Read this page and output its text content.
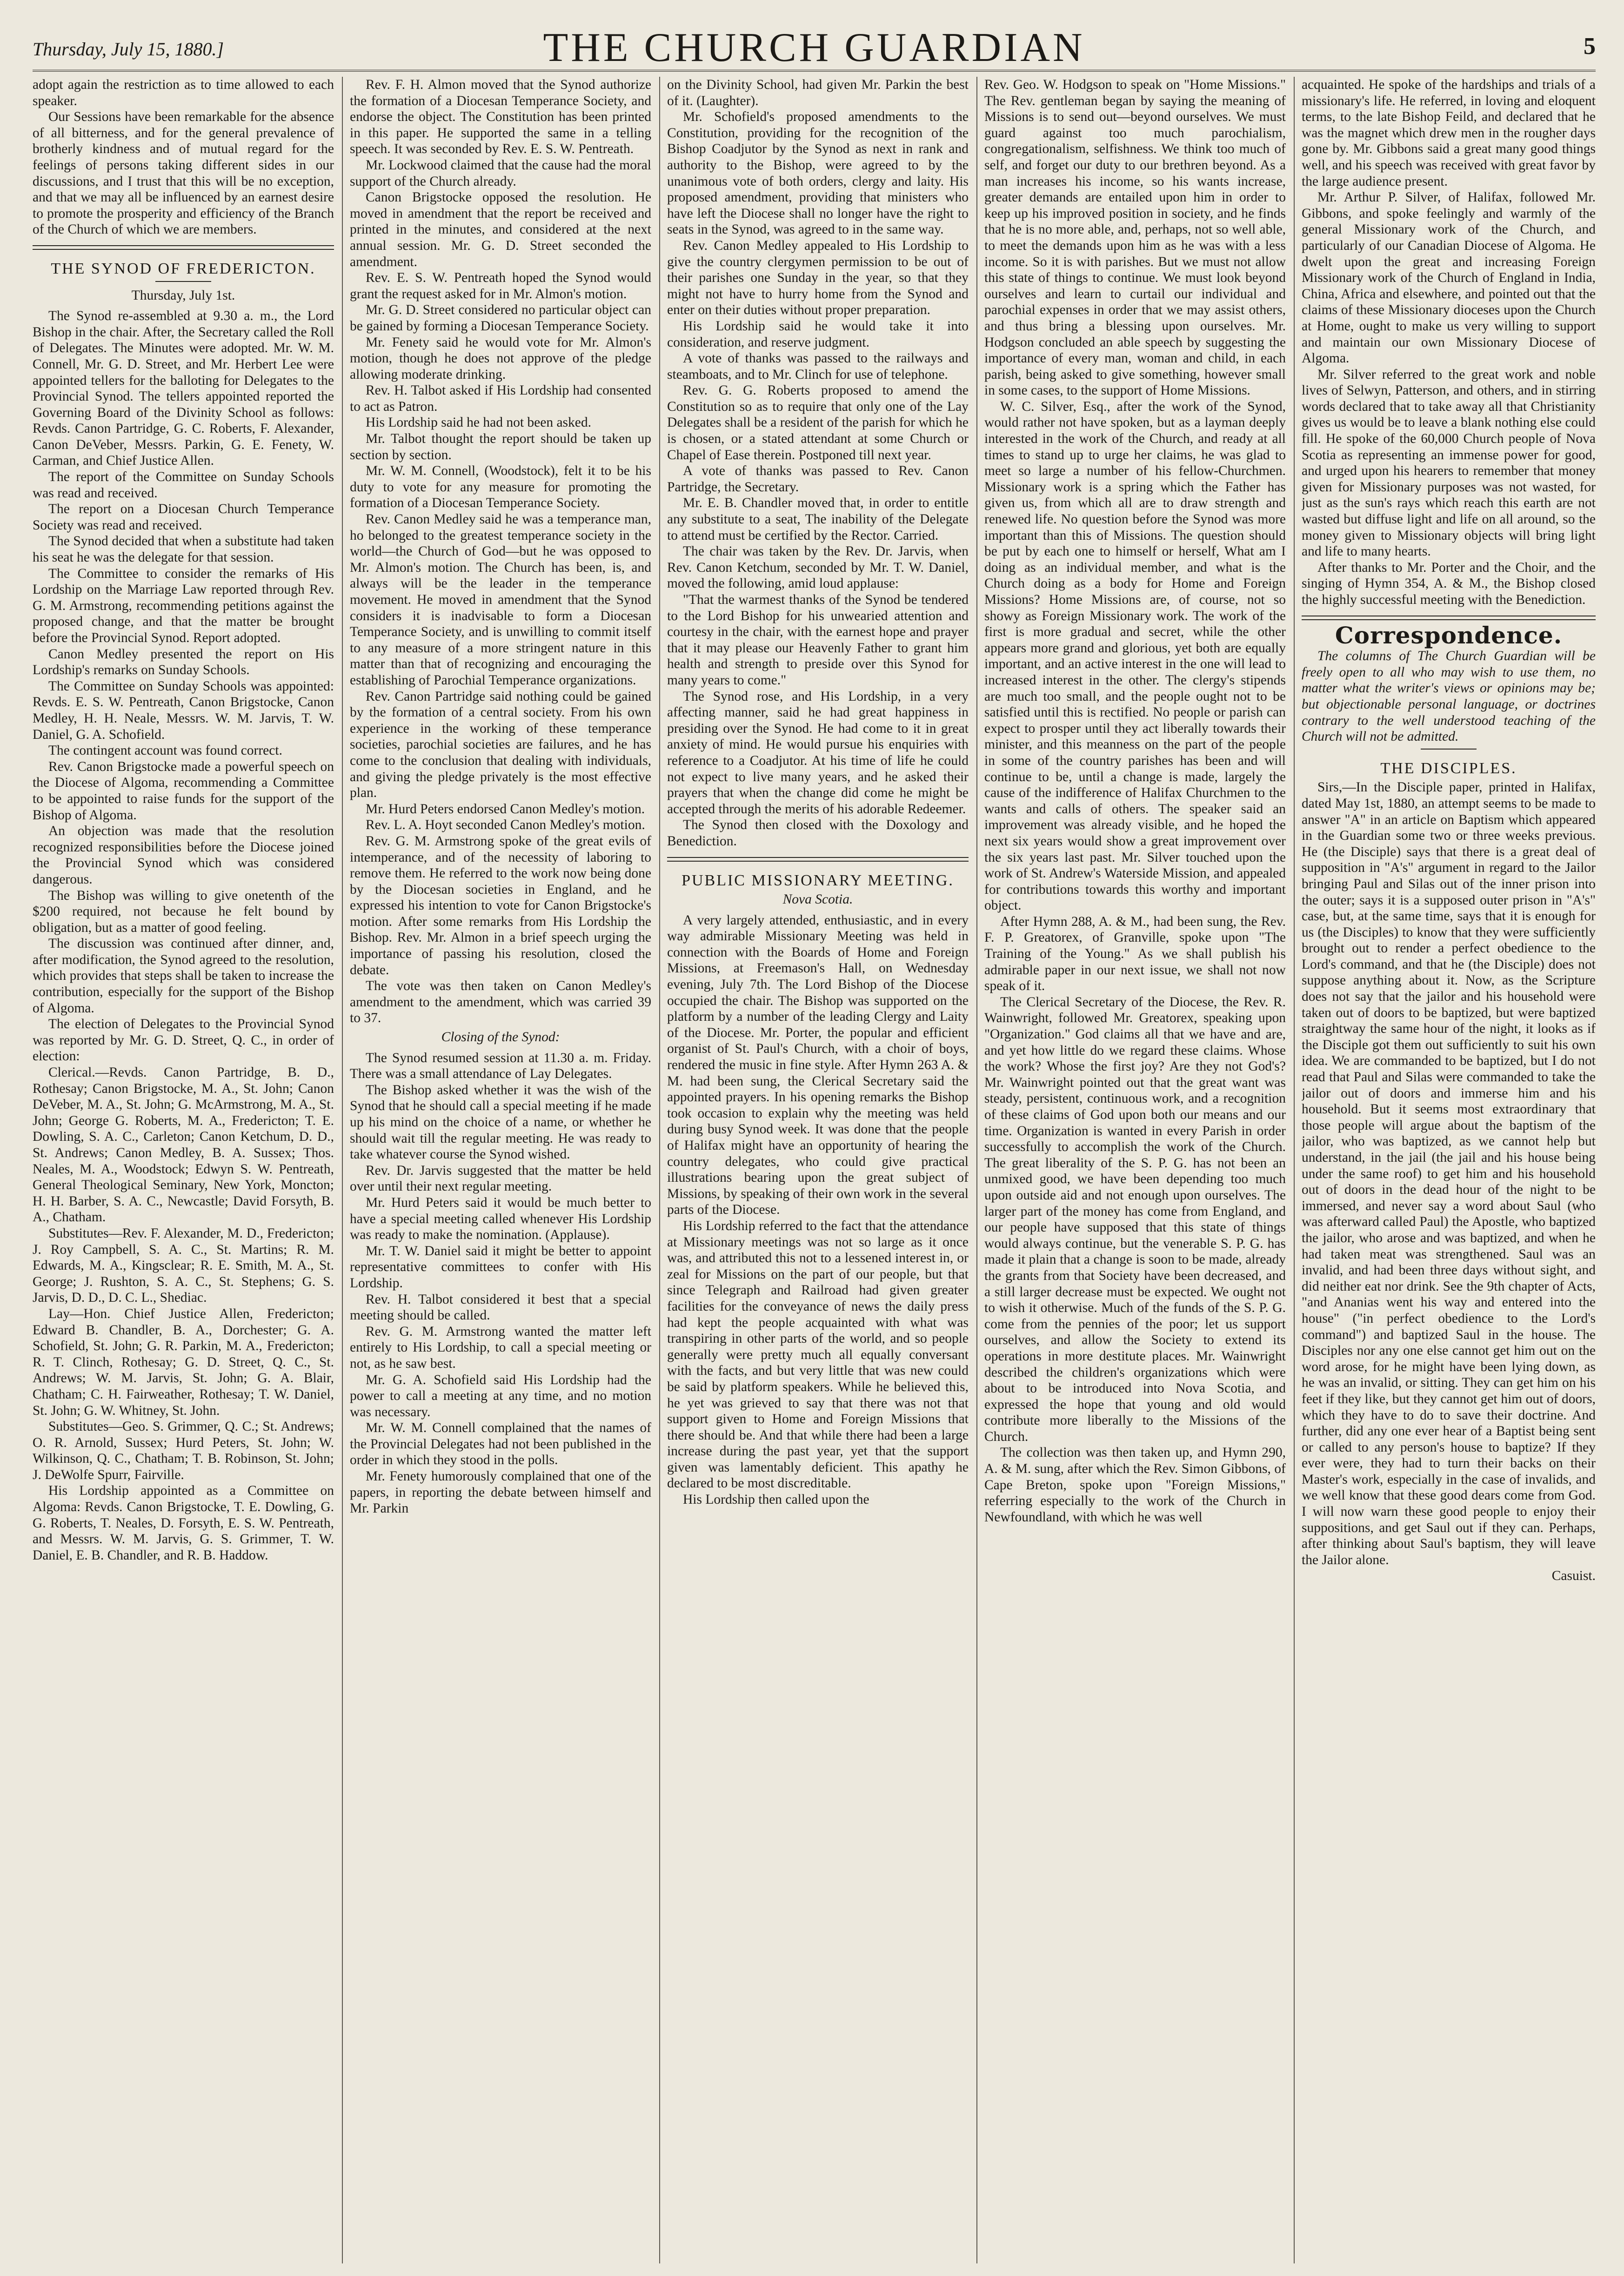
Thursday, July 15, 1880.]	THE CHURCH GUARDIAN	5

adopt again the restriction as to time allowed to each speaker.

Our Sessions have been remarkable for the absence of all bitterness, and for the general prevalence of brotherly kindness and of mutual regard for the feelings of persons taking different sides in our discussions, and I trust that this will be no exception, and that we may all be influenced by an earnest desire to promote the prosperity and efficiency of the Branch of the Church of which we are members.

THE SYNOD OF FREDERICTON.

Thursday, July 1st.

The Synod re-assembled at 9.30 a. m., the Lord Bishop in the chair. After, the Secretary called the Roll of Delegates. The Minutes were adopted. Mr. W. M. Connell, Mr. G. D. Street, and Mr. Herbert Lee were appointed tellers for the balloting for Delegates to the Provincial Synod. The tellers appointed reported the Governing Board of the Divinity School as follows: Revds. Canon Partridge, G. C. Roberts, F. Alexander, Canon DeVeber, Messrs. Parkin, G. E. Fenety, W. Carman, and Chief Justice Allen.

The report of the Committee on Sunday Schools was read and received.

The report on a Diocesan Church Temperance Society was read and received.

The Synod decided that when a substitute had taken his seat he was the delegate for that session.

The Committee to consider the remarks of His Lordship on the Marriage Law reported through Rev. G. M. Armstrong, recommending petitions against the proposed change, and that the matter be brought before the Provincial Synod. Report adopted.

Canon Medley presented the report on His Lordship's remarks on Sunday Schools.

The Committee on Sunday Schools was appointed: Revds. E. S. W. Pentreath, Canon Brigstocke, Canon Medley, H. H. Neale, Messrs. W. M. Jarvis, T. W. Daniel, G. A. Schofield.

The contingent account was found correct.

Rev. Canon Brigstocke made a powerful speech on the Diocese of Algoma, recommending a Committee to be appointed to raise funds for the support of the Bishop of Algoma.

An objection was made that the resolution recognized responsibilities before the Diocese joined the Provincial Synod which was considered dangerous.

The Bishop was willing to give onetenth of the $200 required, not because he felt bound by obligation, but as a matter of good feeling.

The discussion was continued after dinner, and, after modification, the Synod agreed to the resolution, which provides that steps shall be taken to increase the contribution, especially for the support of the Bishop of Algoma.

The election of Delegates to the Provincial Synod was reported by Mr. G. D. Street, Q. C., in order of election:

Clerical.—Revds. Canon Partridge, B. D., Rothesay; Canon Brigstocke, M. A., St. John; Canon DeVeber, M. A., St. John; G. McArmstrong, M. A., St. John; George G. Roberts, M. A., Fredericton; T. E. Dowling, S. A. C., Carleton; Canon Ketchum, D. D., St. Andrews; Canon Medley, B. A. Sussex; Thos. Neales, M. A., Woodstock; Edwyn S. W. Pentreath, General Theological Seminary, New York, Moncton; H. H. Barber, S. A. C., Newcastle; David Forsyth, B. A., Chatham.

Substitutes—Rev. F. Alexander, M. D., Fredericton; J. Roy Campbell, S. A. C., St. Martins; R. M. Edwards, M. A., Kingsclear; R. E. Smith, M. A., St. George; J. Rushton, S. A. C., St. Stephens; G. S. Jarvis, D. D., D. C. L., Shediac.

Lay—Hon. Chief Justice Allen, Fredericton; Edward B. Chandler, B. A., Dorchester; G. A. Schofield, St. John; G. R. Parkin, M. A., Fredericton; R. T. Clinch, Rothesay; G. D. Street, Q. C., St. Andrews; W. M. Jarvis, St. John; G. A. Blair, Chatham; C. H. Fairweather, Rothesay; T. W. Daniel, St. John; G. W. Whitney, St. John.

Substitutes—Geo. S. Grimmer, Q. C.; St. Andrews; O. R. Arnold, Sussex; Hurd Peters, St. John; W. Wilkinson, Q. C., Chatham; T. B. Robinson, St. John; J. DeWolfe Spurr, Fairville.

His Lordship appointed as a Committee on Algoma: Revds. Canon Brigstocke, T. E. Dowling, G. G. Roberts, T. Neales, D. Forsyth, E. S. W. Pentreath, and Messrs. W. M. Jarvis, G. S. Grimmer, T. W. Daniel, E. B. Chandler, and R. B. Haddow.

Rev. F. H. Almon moved that the Synod authorize the formation of a Diocesan Temperance Society, and endorse the object. The Constitution has been printed in this paper. He supported the same in a telling speech. It was seconded by Rev. E. S. W. Pentreath.

Mr. Lockwood claimed that the cause had the moral support of the Church already.

Canon Brigstocke opposed the resolution. He moved in amendment that the report be received and printed in the minutes, and considered at the next annual session. Mr. G. D. Street seconded the amendment.

Rev. E. S. W. Pentreath hoped the Synod would grant the request asked for in Mr. Almon's motion.

Mr. G. D. Street considered no particular object can be gained by forming a Diocesan Temperance Society.

Mr. Fenety said he would vote for Mr. Almon's motion, though he does not approve of the pledge allowing moderate drinking.

Rev. H. Talbot asked if His Lordship had consented to act as Patron.

His Lordship said he had not been asked.

Mr. Talbot thought the report should be taken up section by section.

Mr. W. M. Connell, (Woodstock), felt it to be his duty to vote for any measure for promoting the formation of a Diocesan Temperance Society.

Rev. Canon Medley said he was a temperance man, ho belonged to the greatest temperance society in the world—the Church of God—but he was opposed to Mr. Almon's motion. The Church has been, is, and always will be the leader in the temperance movement. He moved in amendment that the Synod considers it is inadvisable to form a Diocesan Temperance Society, and is unwilling to commit itself to any measure of a more stringent nature in this matter than that of recognizing and encouraging the establishing of Parochial Temperance organizations.

Rev. Canon Partridge said nothing could be gained by the formation of a central society. From his own experience in the working of these temperance societies, parochial societies are failures, and he has come to the conclusion that dealing with individuals, and giving the pledge privately is the most effective plan.

Mr. Hurd Peters endorsed Canon Medley's motion.

Rev. L. A. Hoyt seconded Canon Medley's motion.

Rev. G. M. Armstrong spoke of the great evils of intemperance, and of the necessity of laboring to remove them. He referred to the work now being done by the Diocesan societies in England, and he expressed his intention to vote for Canon Brigstocke's motion. After some remarks from His Lordship the Bishop. Rev. Mr. Almon in a brief speech urging the importance of passing his resolution, closed the debate.

The vote was then taken on Canon Medley's amendment to the amendment, which was carried 39 to 37.

Closing of the Synod:

The Synod resumed session at 11.30 a. m. Friday. There was a small attendance of Lay Delegates.

The Bishop asked whether it was the wish of the Synod that he should call a special meeting if he made up his mind on the choice of a name, or whether he should wait till the regular meeting. He was ready to take whatever course the Synod wished.

Rev. Dr. Jarvis suggested that the matter be held over until their next regular meeting.

Mr. Hurd Peters said it would be much better to have a special meeting called whenever His Lordship was ready to make the nomination. (Applause).

Mr. T. W. Daniel said it might be better to appoint representative committees to confer with His Lordship.

Rev. H. Talbot considered it best that a special meeting should be called.

Rev. G. M. Armstrong wanted the matter left entirely to His Lordship, to call a special meeting or not, as he saw best.

Mr. G. A. Schofield said His Lordship had the power to call a meeting at any time, and no motion was necessary.

Mr. W. M. Connell complained that the names of the Provincial Delegates had not been published in the order in which they stood in the polls.

Mr. Fenety humorously complained that one of the papers, in reporting the debate between himself and Mr. Parkin

on the Divinity School, had given Mr. Parkin the best of it. (Laughter).

Mr. Schofield's proposed amendments to the Constitution, providing for the recognition of the Bishop Coadjutor by the Synod as next in rank and authority to the Bishop, were agreed to by the unanimous vote of both orders, clergy and laity. His proposed amendment, providing that ministers who have left the Diocese shall no longer have the right to seats in the Synod, was agreed to in the same way.

Rev. Canon Medley appealed to His Lordship to give the country clergymen permission to be out of their parishes one Sunday in the year, so that they might not have to hurry home from the Synod and enter on their duties without proper preparation.

His Lordship said he would take it into consideration, and reserve judgment.

A vote of thanks was passed to the railways and steamboats, and to Mr. Clinch for use of telephone.

Rev. G. G. Roberts proposed to amend the Constitution so as to require that only one of the Lay Delegates shall be a resident of the parish for which he is chosen, or a stated attendant at some Church or Chapel of Ease therein. Postponed till next year.

A vote of thanks was passed to Rev. Canon Partridge, the Secretary.

Mr. E. B. Chandler moved that, in order to entitle any substitute to a seat, The inability of the Delegate to attend must be certified by the Rector. Carried.

The chair was taken by the Rev. Dr. Jarvis, when Rev. Canon Ketchum, seconded by Mr. T. W. Daniel, moved the following, amid loud applause:

"That the warmest thanks of the Synod be tendered to the Lord Bishop for his unwearied attention and courtesy in the chair, with the earnest hope and prayer that it may please our Heavenly Father to grant him health and strength to preside over this Synod for many years to come."

The Synod rose, and His Lordship, in a very affecting manner, said he had great happiness in presiding over the Synod. He had come to it in great anxiety of mind. He would pursue his enquiries with reference to a Coadjutor. At his time of life he could not expect to live many years, and he asked their prayers that when the change did come he might be accepted through the merits of his adorable Redeemer.

The Synod then closed with the Doxology and Benediction.

PUBLIC MISSIONARY MEETING.

Nova Scotia.

A very largely attended, enthusiastic, and in every way admirable Missionary Meeting was held in connection with the Boards of Home and Foreign Missions, at Freemason's Hall, on Wednesday evening, July 7th. The Lord Bishop of the Diocese occupied the chair. The Bishop was supported on the platform by a number of the leading Clergy and Laity of the Diocese. Mr. Porter, the popular and efficient organist of St. Paul's Church, with a choir of boys, rendered the music in fine style. After Hymn 263 A. & M. had been sung, the Clerical Secretary said the appointed prayers. In his opening remarks the Bishop took occasion to explain why the meeting was held during busy Synod week. It was done that the people of Halifax might have an opportunity of hearing the country delegates, who could give practical illustrations bearing upon the great subject of Missions, by speaking of their own work in the several parts of the Diocese.

His Lordship referred to the fact that the attendance at Missionary meetings was not so large as it once was, and attributed this not to a lessened interest in, or zeal for Missions on the part of our people, but that since Telegraph and Railroad had given greater facilities for the conveyance of news the daily press had kept the people acquainted with what was transpiring in other parts of the world, and so people generally were pretty much all equally conversant with the facts, and but very little that was new could be said by platform speakers. While he believed this, he yet was grieved to say that there was not that support given to Home and Foreign Missions that there should be. And that while there had been a large increase during the past year, yet that the support given was lamentably deficient. This apathy he declared to be most discreditable.

His Lordship then called upon the

Rev. Geo. W. Hodgson to speak on "Home Missions." The Rev. gentleman began by saying the meaning of Missions is to send out—beyond ourselves. We must guard against too much parochialism, congregationalism, selfishness. We think too much of self, and forget our duty to our brethren beyond. As a man increases his income, so his wants increase, greater demands are entailed upon him in order to keep up his improved position in society, and he finds that he is no more able, and, perhaps, not so well able, to meet the demands upon him as he was with a less income. So it is with parishes. But we must not allow this state of things to continue. We must look beyond ourselves and learn to curtail our individual and parochial expenses in order that we may assist others, and thus bring a blessing upon ourselves. Mr. Hodgson concluded an able speech by suggesting the importance of every man, woman and child, in each parish, being asked to give something, however small in some cases, to the support of Home Missions.

W. C. Silver, Esq., after the work of the Synod, would rather not have spoken, but as a layman deeply interested in the work of the Church, and ready at all times to stand up to urge her claims, he was glad to meet so large a number of his fellow-Churchmen. Missionary work is a spring which the Father has given us, from which all are to draw strength and renewed life. No question before the Synod was more important than this of Missions. The question should be put by each one to himself or herself, What am I doing as an individual member, and what is the Church doing as a body for Home and Foreign Missions? Home Missions are, of course, not so showy as Foreign Missionary work. The work of the first is more gradual and secret, while the other appears more grand and glorious, yet both are equally important, and an active interest in the one will lead to increased interest in the other. The clergy's stipends are much too small, and the people ought not to be satisfied until this is rectified. No people or parish can expect to prosper until they act liberally towards their minister, and this meanness on the part of the people in some of the country parishes has been and will continue to be, until a change is made, largely the cause of the indifference of Halifax Churchmen to the wants and calls of others. The speaker said an improvement was already visible, and he hoped the next six years would show a great improvement over the six years last past. Mr. Silver touched upon the work of St. Andrew's Waterside Mission, and appealed for contributions towards this worthy and important object.

After Hymn 288, A. & M., had been sung, the Rev. F. P. Greatorex, of Granville, spoke upon "The Training of the Young." As we shall publish his admirable paper in our next issue, we shall not now speak of it.

The Clerical Secretary of the Diocese, the Rev. R. Wainwright, followed Mr. Greatorex, speaking upon "Organization." God claims all that we have and are, and yet how little do we regard these claims. Whose the work? Whose the first joy? Are they not God's? Mr. Wainwright pointed out that the great want was steady, persistent, continuous work, and a recognition of these claims of God upon both our means and our time. Organization is wanted in every Parish in order successfully to accomplish the work of the Church. The great liberality of the S. P. G. has not been an unmixed good, we have been depending too much upon outside aid and not enough upon ourselves. The larger part of the money has come from England, and our people have supposed that this state of things would always continue, but the venerable S. P. G. has made it plain that a change is soon to be made, already the grants from that Society have been decreased, and a still larger decrease must be expected. We ought not to wish it otherwise. Much of the funds of the S. P. G. come from the pennies of the poor; let us support ourselves, and allow the Society to extend its operations in more destitute places. Mr. Wainwright described the children's organizations which were about to be introduced into Nova Scotia, and expressed the hope that young and old would contribute more liberally to the Missions of the Church.

The collection was then taken up, and Hymn 290, A. & M. sung, after which the Rev. Simon Gibbons, of Cape Breton, spoke upon "Foreign Missions," referring especially to the work of the Church in Newfoundland, with which he was well

acquainted. He spoke of the hardships and trials of a missionary's life. He referred, in loving and eloquent terms, to the late Bishop Feild, and declared that he was the magnet which drew men in the rougher days gone by. Mr. Gibbons said a great many good things well, and his speech was received with great favor by the large audience present.

Mr. Arthur P. Silver, of Halifax, followed Mr. Gibbons, and spoke feelingly and warmly of the general Missionary work of the Church, and particularly of our Canadian Diocese of Algoma. He dwelt upon the great and increasing Foreign Missionary work of the Church of England in India, China, Africa and elsewhere, and pointed out that the claims of these Missionary dioceses upon the Church at Home, ought to make us very willing to support and maintain our own Missionary Diocese of Algoma.

Mr. Silver referred to the great work and noble lives of Selwyn, Patterson, and others, and in stirring words declared that to take away all that Christianity gives us would be to leave a blank nothing else could fill. He spoke of the 60,000 Church people of Nova Scotia as representing an immense power for good, and urged upon his hearers to remember that money given for Missionary purposes was not wasted, for just as the sun's rays which reach this earth are not wasted but diffuse light and life on all around, so the money given to Missionary objects will bring light and life to many hearts.

After thanks to Mr. Porter and the Choir, and the singing of Hymn 354, A. & M., the Bishop closed the highly successful meeting with the Benediction.

Correspondence.

The columns of The Church Guardian will be freely open to all who may wish to use them, no matter what the writer's views or opinions may be; but objectionable personal language, or doctrines contrary to the well understood teaching of the Church will not be admitted.

THE DISCIPLES.

Sirs,—In the Disciple paper, printed in Halifax, dated May 1st, 1880, an attempt seems to be made to answer "A" in an article on Baptism which appeared in the Guardian some two or three weeks previous. He (the Disciple) says that there is a great deal of supposition in "A's" argument in regard to the Jailor bringing Paul and Silas out of the inner prison into the outer; says it is a supposed outer prison in "A's" case, but, at the same time, says that it is enough for us (the Disciples) to know that they were sufficiently brought out to render a perfect obedience to the Lord's command, and that he (the Disciple) does not suppose anything about it. Now, as the Scripture does not say that the jailor and his household were taken out of doors to be baptized, but were baptized straightway the same hour of the night, it looks as if the Disciple got them out sufficiently to suit his own idea. We are commanded to be baptized, but I do not read that Paul and Silas were commanded to take the jailor out of doors and immerse him and his household. But it seems most extraordinary that those people will argue about the baptism of the jailor, who was baptized, as we cannot help but understand, in the jail (the jail and his house being under the same roof) to get him and his household out of doors in the dead hour of the night to be immersed, and never say a word about Saul (who was afterward called Paul) the Apostle, who baptized the jailor, who arose and was baptized, and when he had taken meat was strengthened. Saul was an invalid, and had been three days without sight, and did neither eat nor drink. See the 9th chapter of Acts, "and Ananias went his way and entered into the house" ("in perfect obedience to the Lord's command") and baptized Saul in the house. The Disciples nor any one else cannot get him out on the word arose, for he might have been lying down, as he was an invalid, or sitting. They can get him on his feet if they like, but they cannot get him out of doors, which they have to do to save their doctrine. And further, did any one ever hear of a Baptist being sent or called to any person's house to baptize? If they ever were, they had to turn their backs on their Master's work, especially in the case of invalids, and we well know that these good dears come from God. I will now warn these good people to enjoy their suppositions, and get Saul out if they can. Perhaps, after thinking about Saul's baptism, they will leave the Jailor alone.

Casuist.
